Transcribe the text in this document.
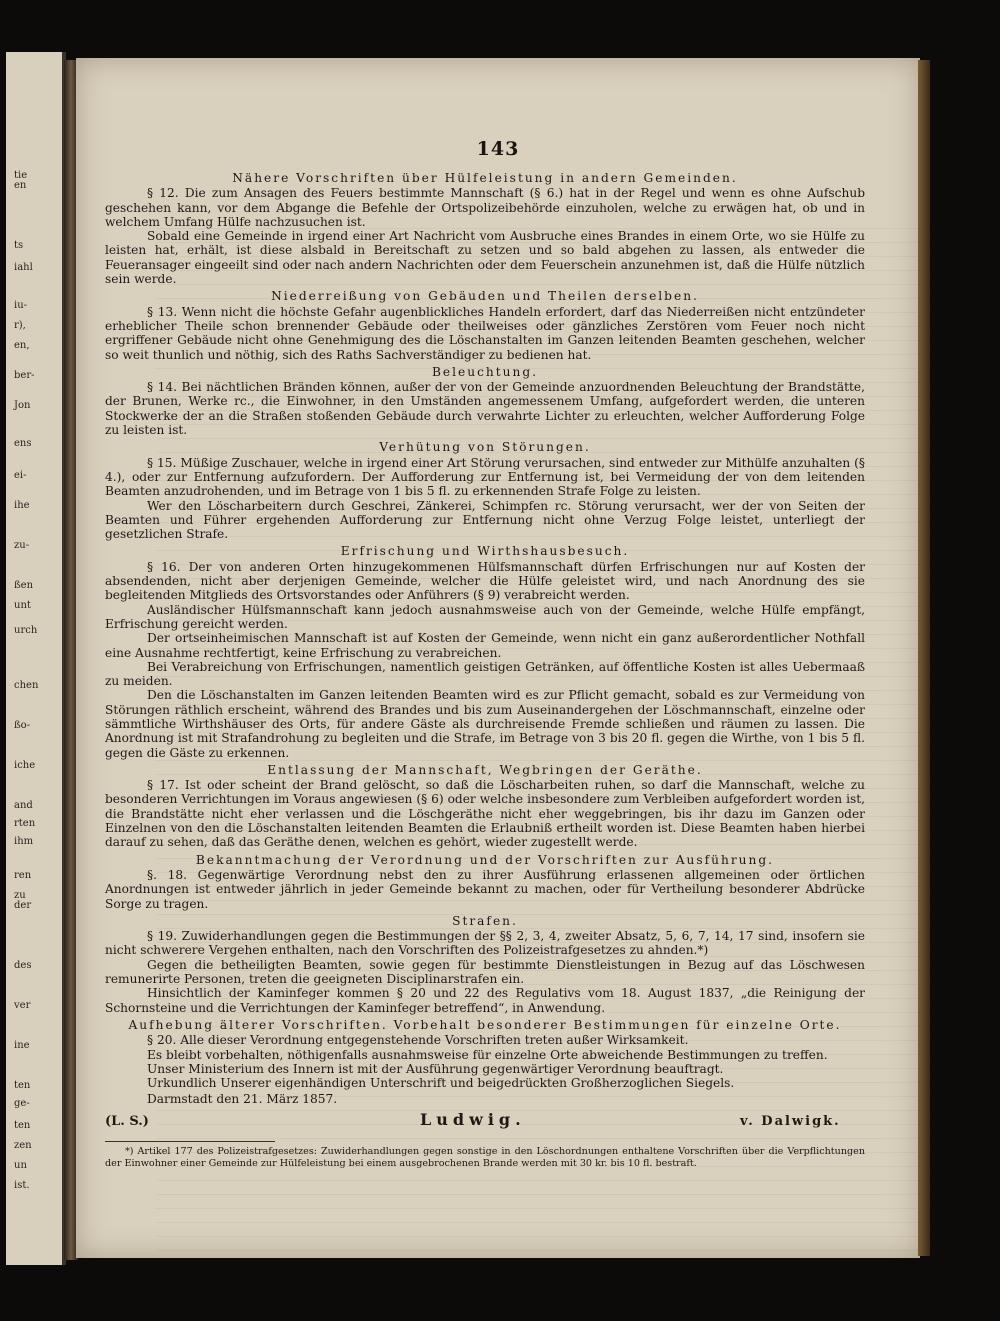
tie
en
ts
iahl
iu-
r),
en,
ber-
Jon
ens
ei-
ihe
zu-
ßen
unt
urch
chen
ßo-
iche
and
rten
ihm
ren
zu
der
des
ver
ine
ten
ge-
ten
zen
un
ist.
143
Nähere Vorschriften über Hülfeleistung in andern Gemeinden.

§ 12. Die zum Ansagen des Feuers bestimmte Mannschaft (§ 6.) hat in der Regel und wenn es ohne Aufschub geschehen kann, vor dem Abgange die Befehle der Ortspolizeibehörde einzuholen, welche zu erwägen hat, ob und in welchem Umfang Hülfe nachzusuchen ist.

Sobald eine Gemeinde in irgend einer Art Nachricht vom Ausbruche eines Brandes in einem Orte, wo sie Hülfe zu leisten hat, erhält, ist diese alsbald in Bereitschaft zu setzen und so bald abgehen zu lassen, als entweder die Feueransager eingeeilt sind oder nach andern Nachrichten oder dem Feuerschein anzunehmen ist, daß die Hülfe nützlich sein werde.

Niederreißung von Gebäuden und Theilen derselben.

§ 13. Wenn nicht die höchste Gefahr augenblickliches Handeln erfordert, darf das Niederreißen nicht entzündeter erheblicher Theile schon brennender Gebäude oder theilweises oder gänzliches Zerstören vom Feuer noch nicht ergriffener Gebäude nicht ohne Genehmigung des die Löschanstalten im Ganzen leitenden Beamten geschehen, welcher so weit thunlich und nöthig, sich des Raths Sachverständiger zu bedienen hat.

Beleuchtung.

§ 14. Bei nächtlichen Bränden können, außer der von der Gemeinde anzuordnenden Beleuchtung der Brandstätte, der Brunen, Werke rc., die Einwohner, in den Umständen angemessenem Umfang, aufgefordert werden, die unteren Stockwerke der an die Straßen stoßenden Gebäude durch verwahrte Lichter zu erleuchten, welcher Aufforderung Folge zu leisten ist.

Verhütung von Störungen.

§ 15. Müßige Zuschauer, welche in irgend einer Art Störung verursachen, sind entweder zur Mithülfe anzuhalten (§ 4.), oder zur Entfernung aufzufordern. Der Aufforderung zur Entfernung ist, bei Vermeidung der von dem leitenden Beamten anzudrohenden, und im Betrage von 1 bis 5 fl. zu erkennenden Strafe Folge zu leisten.

Wer den Löscharbeitern durch Geschrei, Zänkerei, Schimpfen rc. Störung verursacht, wer der von Seiten der Beamten und Führer ergehenden Aufforderung zur Entfernung nicht ohne Verzug Folge leistet, unterliegt der gesetzlichen Strafe.

Erfrischung und Wirthshausbesuch.

§ 16. Der von anderen Orten hinzugekommenen Hülfsmannschaft dürfen Erfrischungen nur auf Kosten der absendenden, nicht aber derjenigen Gemeinde, welcher die Hülfe geleistet wird, und nach Anordnung des sie begleitenden Mitglieds des Ortsvorstandes oder Anführers (§ 9) verabreicht werden.

Ausländischer Hülfsmannschaft kann jedoch ausnahmsweise auch von der Gemeinde, welche Hülfe empfängt, Erfrischung gereicht werden.

Der ortseinheimischen Mannschaft ist auf Kosten der Gemeinde, wenn nicht ein ganz außerordentlicher Nothfall eine Ausnahme rechtfertigt, keine Erfrischung zu verabreichen.

Bei Verabreichung von Erfrischungen, namentlich geistigen Getränken, auf öffentliche Kosten ist alles Uebermaaß zu meiden.

Den die Löschanstalten im Ganzen leitenden Beamten wird es zur Pflicht gemacht, sobald es zur Vermeidung von Störungen räthlich erscheint, während des Brandes und bis zum Auseinandergehen der Löschmannschaft, einzelne oder sämmtliche Wirthshäuser des Orts, für andere Gäste als durchreisende Fremde schließen und räumen zu lassen. Die Anordnung ist mit Strafandrohung zu begleiten und die Strafe, im Betrage von 3 bis 20 fl. gegen die Wirthe, von 1 bis 5 fl. gegen die Gäste zu erkennen.

Entlassung der Mannschaft, Wegbringen der Geräthe.

§ 17. Ist oder scheint der Brand gelöscht, so daß die Löscharbeiten ruhen, so darf die Mannschaft, welche zu besonderen Verrichtungen im Voraus angewiesen (§ 6) oder welche insbesondere zum Verbleiben aufgefordert worden ist, die Brandstätte nicht eher verlassen und die Löschgeräthe nicht eher weggebringen, bis ihr dazu im Ganzen oder Einzelnen von den die Löschanstalten leitenden Beamten die Erlaubniß ertheilt worden ist. Diese Beamten haben hierbei darauf zu sehen, daß das Geräthe denen, welchen es gehört, wieder zugestellt werde.

Bekanntmachung der Verordnung und der Vorschriften zur Ausführung.

§. 18. Gegenwärtige Verordnung nebst den zu ihrer Ausführung erlassenen allgemeinen oder örtlichen Anordnungen ist entweder jährlich in jeder Gemeinde bekannt zu machen, oder für Vertheilung besonderer Abdrücke Sorge zu tragen.

Strafen.

§ 19. Zuwiderhandlungen gegen die Bestimmungen der §§ 2, 3, 4, zweiter Absatz, 5, 6, 7, 14, 17 sind, insofern sie nicht schwerere Vergehen enthalten, nach den Vorschriften des Polizeistrafgesetzes zu ahnden.*)

Gegen die betheiligten Beamten, sowie gegen für bestimmte Dienstleistungen in Bezug auf das Löschwesen remunerirte Personen, treten die geeigneten Disciplinarstrafen ein.

Hinsichtlich der Kaminfeger kommen § 20 und 22 des Regulativs vom 18. August 1837, „die Reinigung der Schornsteine und die Verrichtungen der Kaminfeger betreffend“, in Anwendung.

Aufhebung älterer Vorschriften. Vorbehalt besonderer Bestimmungen für einzelne Orte.

§ 20. Alle dieser Verordnung entgegenstehende Vorschriften treten außer Wirksamkeit.

Es bleibt vorbehalten, nöthigenfalls ausnahmsweise für einzelne Orte abweichende Bestimmungen zu treffen.

Unser Ministerium des Innern ist mit der Ausführung gegenwärtiger Verordnung beauftragt.

Urkundlich Unserer eigenhändigen Unterschrift und beigedrückten Großherzoglichen Siegels.

Darmstadt den 21. März 1857.
(L. S.)	Ludwig.	v. Dalwigk.

*) Artikel 177 des Polizeistrafgesetzes: Zuwiderhandlungen gegen sonstige in den Löschordnungen enthaltene Vorschriften über die Verpflichtungen der Einwohner einer Gemeinde zur Hülfeleistung bei einem ausgebrochenen Brande werden mit 30 kr. bis 10 fl. bestraft.
